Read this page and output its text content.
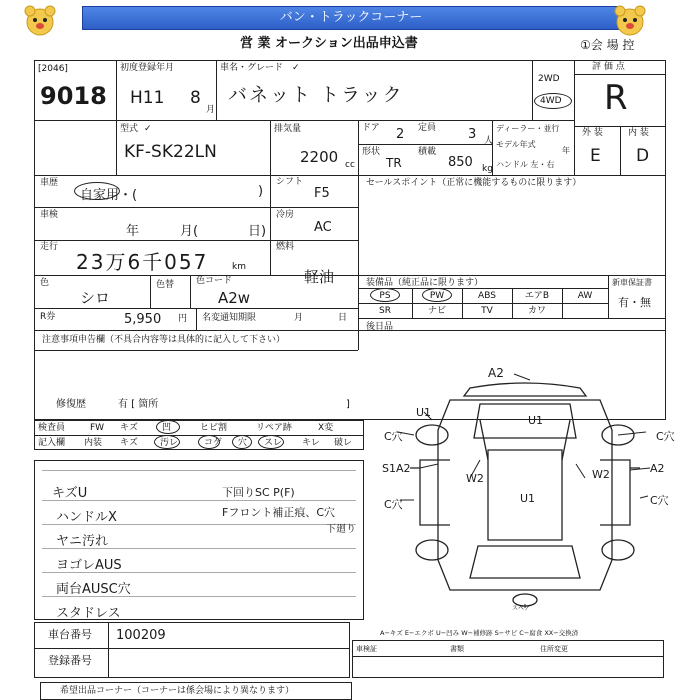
バン・トラックコーナー
営 業 オークション出品申込書	①会 場 控
[2046]
9018
初度登録年月
H11 8
月
車名・グレード ✓
バネット トラック
2WD
4WD
評 価 点
R
外 装	内 装
E D
型式 ✓
KF-SK22LN
排気量
2200 cc
ドア 2 定員 3 人
形状
TR
積載
850 kg
ディーラー・並行
モデル年式
年
ハンドル 左・右
車歴
自家用・(	)
シフト
F5
車検
年	月(	日)
冷房
AC
走行
23万6千057	km
燃料
軽油
色
シロ
色替 色コード
A2w
R券	5,950 円 名変通知期限	月	日
セールスポイント（正常に機能するものに限ります）
装備品（純正品に限ります）	新車保証書
有・無
PS	PW	ABS	エアB	AW
SR	ナビ	TV	カワ
後日品
注意事項申告欄（不具合内容等は具体的に記入して下さい）
修復歴	有 [ 箇所	]
検査員
記入欄
FW キズ	凹	ヒビ割	リペア跡	X変
内装 キズ 汚レ	コゲ 穴 スレ キレ 破レ
キズU
ハンドルX
ヤニ汚れ
ヨゴレAUS
両台AUSC穴
スタドレス
下回りSC P(F)
Fフロント補正痕、C穴
下廻り
A2
U1
C穴
U1
C穴
S1A2
W2	W2	A2
C穴	U1	C穴
スペア
A−キズ E−エクボ U−凹み W−補修跡 S−サビ C−腐食 XX−交換済
車台番号 100209
登録番号
車検証	書類	住所変更
希望出品コーナー（コーナーは係会場により異なります）
